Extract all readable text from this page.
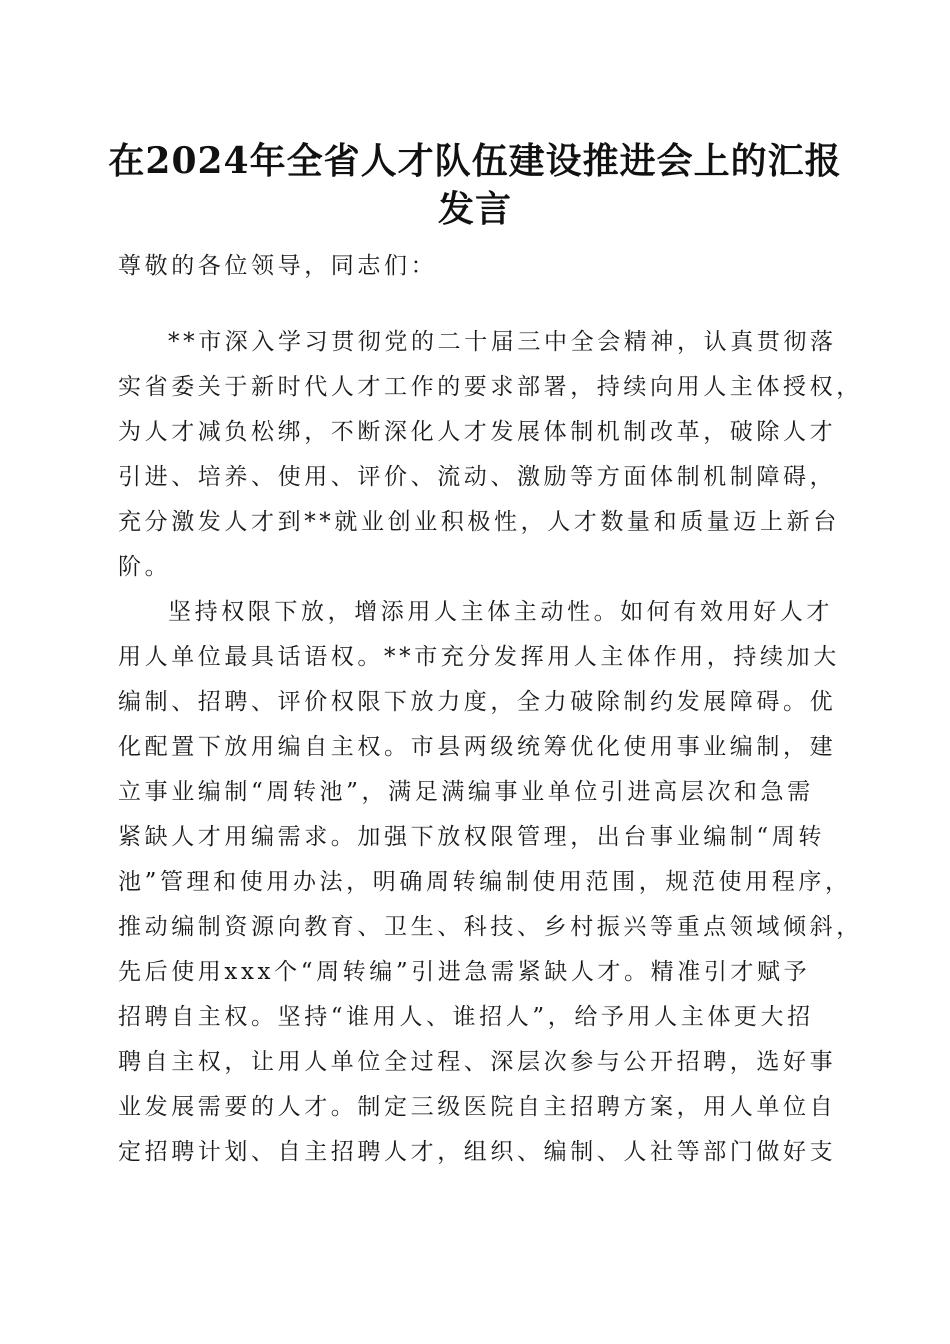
在2024年全省人才队伍建设推进会上的汇报
发言
尊敬的各位领导，同志们：
**市深入学习贯彻党的二十届三中全会精神，认真贯彻落
实省委关于新时代人才工作的要求部署，持续向用人主体授权，
为人才减负松绑，不断深化人才发展体制机制改革，破除人才
引进、培养、使用、评价、流动、激励等方面体制机制障碍，
充分激发人才到**就业创业积极性，人才数量和质量迈上新台
阶。
坚持权限下放，增添用人主体主动性。如何有效用好人才
用人单位最具话语权。**市充分发挥用人主体作用，持续加大
编制、招聘、评价权限下放力度，全力破除制约发展障碍。优
化配置下放用编自主权。市县两级统筹优化使用事业编制，建
立事业编制“周转池”，满足满编事业单位引进高层次和急需
紧缺人才用编需求。加强下放权限管理，出台事业编制“周转
池”管理和使用办法，明确周转编制使用范围，规范使用程序，
推动编制资源向教育、卫生、科技、乡村振兴等重点领域倾斜，
先后使用xxx个“周转编”引进急需紧缺人才。精准引才赋予
招聘自主权。坚持“谁用人、谁招人”，给予用人主体更大招
聘自主权，让用人单位全过程、深层次参与公开招聘，选好事
业发展需要的人才。制定三级医院自主招聘方案，用人单位自
定招聘计划、自主招聘人才，组织、编制、人社等部门做好支
